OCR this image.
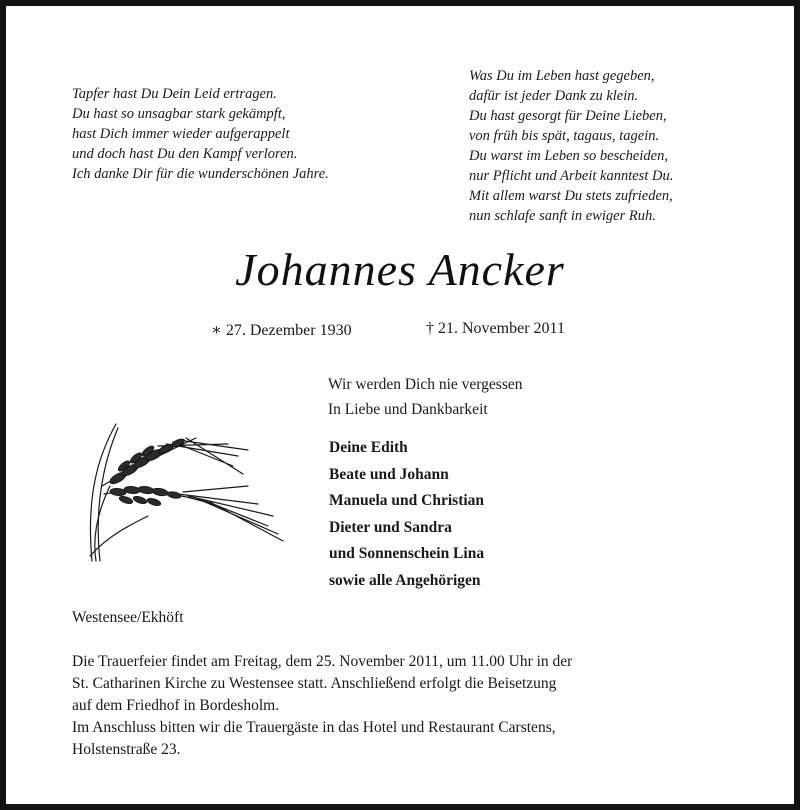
Tapfer hast Du Dein Leid ertragen.
Du hast so unsagbar stark gekämpft,
hast Dich immer wieder aufgerappelt
und doch hast Du den Kampf verloren.
Ich danke Dir für die wunderschönen Jahre.
Was Du im Leben hast gegeben,
dafür ist jeder Dank zu klein.
Du hast gesorgt für Deine Lieben,
von früh bis spät, tagaus, tagein.
Du warst im Leben so bescheiden,
nur Pflicht und Arbeit kanntest Du.
Mit allem warst Du stets zufrieden,
nun schlafe sanft in ewiger Ruh.
Johannes Ancker
∗ 27. Dezember 1930	† 21. November 2011
Wir werden Dich nie vergessen
In Liebe und Dankbarkeit
Deine Edith
Beate und Johann
Manuela und Christian
Dieter und Sandra
und Sonnenschein Lina
sowie alle Angehörigen
Westensee/Ekhöft
Die Trauerfeier findet am Freitag, dem 25. November 2011, um 11.00 Uhr in der
St. Catharinen Kirche zu Westensee statt. Anschließend erfolgt die Beisetzung
auf dem Friedhof in Bordesholm.
Im Anschluss bitten wir die Trauergäste in das Hotel und Restaurant Carstens,
Holstenstraße 23.
